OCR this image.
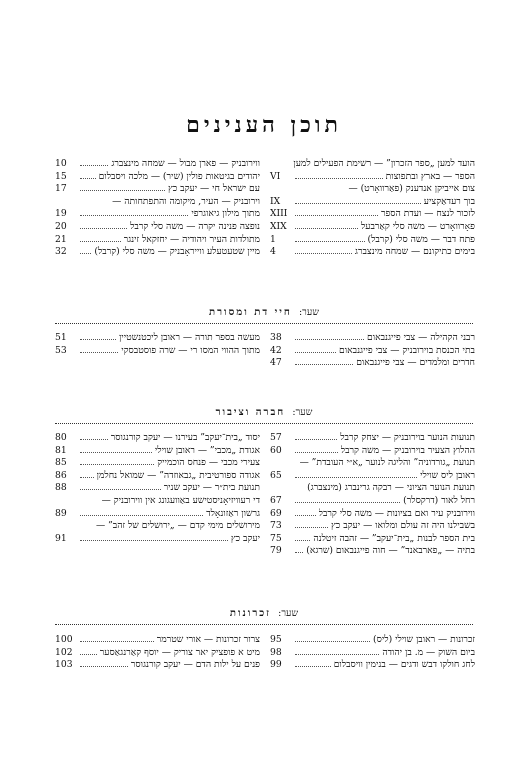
תוכן הענינים
הועד למען „ספר הזכרון” — רשימת הפעילים למען
הספר — בארץ ובתפוצות
VI
צום אייביקן אנדענק (פאַרוואָרט) —
בוך רעדאַקציע
IX
לזכור לנצח — ועדת הספר
XIII
פאָרוואָרט — משה סלי קאַרבעל
XIX
פתח דבר — משה סלי (קרבל)
1
בימים כתיקונם — שמחה מינצברג
4
ווירובניק — פארן מבול — שמחה מינצברג
10
יהודים בגיטאות פולין (שיר) — מלכה ויסבלום
15
עם ישראל חי — יעקב כץ
17
וירובניק — העיר, מיקומה והתפתחותה —
מתוך מילון גיאוגרפי
19
נופצה פנינה יקרה — משה סלי קרבל
20
מתולדות העיר ויהודיה — יחזקאל זינגר
21
מיין שטעטעלע ווייראָבניק — משה סלי (קרבל)
32
שער: חיי דת ומסורת
רבני הקהילה — צבי פייגנבאום
38
בתי הכנסת בוירובניק — צבי פייגנבאום
42
חדרים ומלמדים — צבי פייגנבאום
47
מעשה בספר תורה — ראובן ליכטנשטיין
51
מתוך ההווי המסו רי — שרה פוסטבסקי
53
שער: חברה וציבור
תנועות הנוער בוירובניק — יצחק קרבל
57
ההלוץ הצעיר בוירובניק — משה קרבל
60
תנועת „גורדוניה” והליגה לנוער „א״י העובדת” —
ראובן ליס שוילי
65
תנועת הנוער הציוני — רבקה גרינברג (מינצברג)
רחל לאור (דרקסלר)
67
ווירובניק עיר ואם בציונות — משה סלי קרבל
69
בשבילנו היה זה עולם ומלואו — יעקב כץ
73
בית הספר לבנות „בית־יעקב” — זהבה זיטלנה
75
בתיה — „פארבאנד” — חוה פייגנבאום (שרגא)
79
יסוד „בית־יעקב” בעירנו — יעקב קורנגוסר
80
אגודת „מכבי” — ראובן שוילי
81
צעירי מכבי — פנחס הוכמייק
85
אגודה ספורטיבית „גבאוזדה” — שמואל נחלמן
86
תנועת בית״ר — יעקב שניר
88
די רעוויזיאָניסטישע באַוועגונג אין ווירובניק —
גרשון ראַזונאָלד
89
מירושלים מימי קדם — „ירושלים של זהב” —
יעקב כץ
91
שער: זכרונות
זכרונות — ראובן שוילי (ליס)
95
ביום השוק — מ. בן יהודה
98
לחג חולקו דבש ודגים — בנימין וויסבלום
99
צרור זכרונות — אורי שטרמר
100
מיט א פופציק יאר צוריק — יוסף קאַרנגאַסער
102
פנים על ילות הדם — יעקב קורנגוסר
103
